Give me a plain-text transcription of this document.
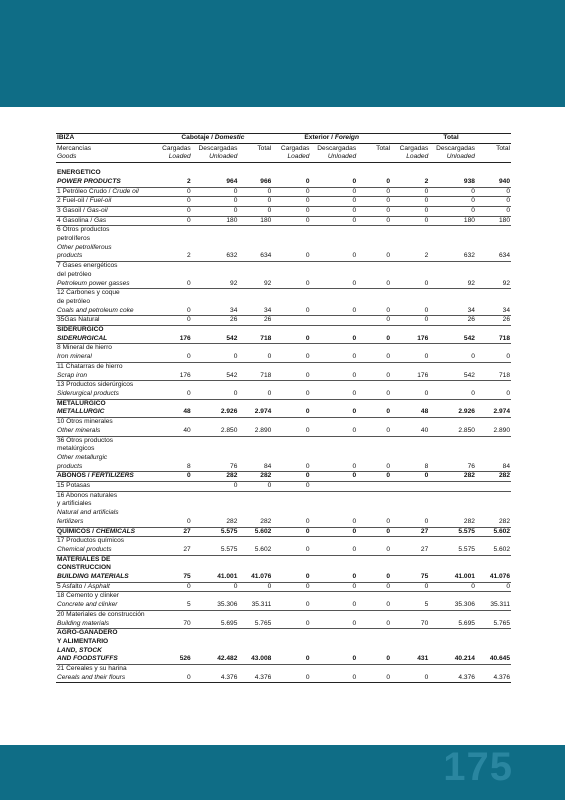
IBIZA	Cabotaje / Domestic			Exterior / Foreign			Total		
Mercancías	Cargadas	Descargadas	Total	Cargadas	Descargadas	Total	Cargadas	Descargadas	Total
Goods	Loaded	Unloaded		Loaded	Unloaded		Loaded	Unloaded	

ENERGÉTICO									
POWER PRODUCTS	2	964	966	0	0	0	2	938	940
1 Petróleo Crudo / Crude oil	0	0	0	0	0	0	0	0	0
2 Fuel-oil / Fuel-oil	0	0	0	0	0	0	0	0	0
3 Gasoil / Gas-oil	0	0	0	0	0	0	0	0	0
4 Gasolina / Gas	0	180	180	0	0	0	0	180	180
6 Otros productos									
petrolíferos									
Other petroliferous									
products	2	632	634	0	0	0	2	632	634
7 Gases energéticos									
del petróleo									
Petroleum power gasses	0	92	92	0	0	0	0	92	92
12 Carbones y coque									
de petróleo									
Coals and petroleum coke	0	34	34	0	0	0	0	34	34
35Gas Natural	0	26	26			0	0	26	26
SIDERÚRGICO									
SIDERURGICAL	176	542	718	0	0	0	176	542	718
8 Mineral de hierro									
Iron mineral	0	0	0	0	0	0	0	0	0
11 Chatarras de hierro									
Scrap iron	176	542	718	0	0	0	176	542	718
13 Productos siderúrgicos									
Siderurgical products	0	0	0	0	0	0	0	0	0
METALÚRGICO									
METALLURGIC	48	2.926	2.974	0	0	0	48	2.926	2.974
10 Otros minerales									
Other minerals	40	2.850	2.890	0	0	0	40	2.850	2.890
36 Otros productos									
metalúrgicos									
Other metallurgic									
products	8	76	84	0	0	0	8	76	84
ABONOS / FERTILIZERS	0	282	282	0	0	0	0	282	282
15 Potasas		0	0	0					
16 Abonos naturales									
y artificiales									
Natural and artificials									
fertilizers	0	282	282	0	0	0	0	282	282
QUÍMICOS / CHEMICALS	27	5.575	5.602	0	0	0	27	5.575	5.602
17 Productos químicos									
Chemical products	27	5.575	5.602	0	0	0	27	5.575	5.602
MATERIALES DE									
CONSTRUCCIÓN									
BUILDING MATERIALS	75	41.001	41.076	0	0	0	75	41.001	41.076
5 Asfalto / Asphalt	0	0	0	0	0	0	0	0	0
18 Cemento y clinker									
Concrete and clinker	5	35.306	35.311	0	0	0	5	35.306	35.311
20 Materiales de construcción									
Building materials	70	5.695	5.765	0	0	0	70	5.695	5.765
AGRO-GANADERO									
Y ALIMENTARIO									
LAND, STOCK									
AND FOODSTUFFS	526	42.482	43.008	0	0	0	431	40.214	40.645
21 Cereales y su harina									
Cereals and their flours	0	4.376	4.376	0	0	0	0	4.376	4.376
175
